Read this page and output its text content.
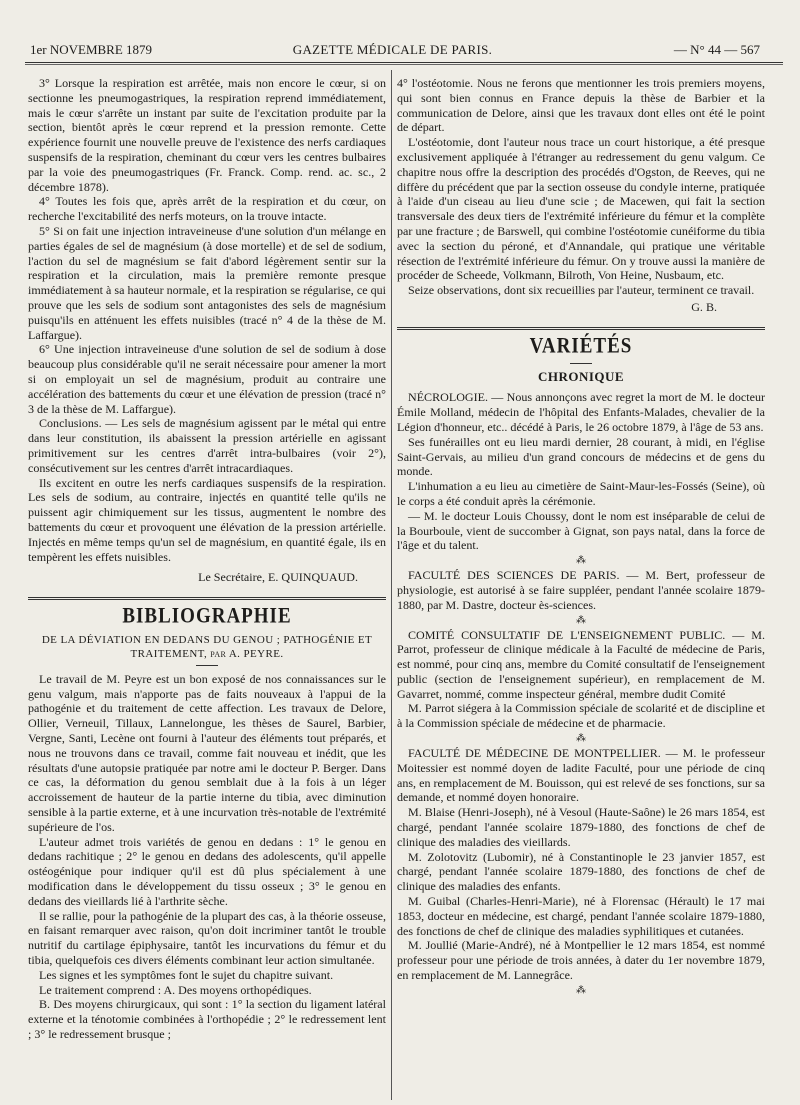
1er NOVEMBRE 1879	GAZETTE MÉDICALE DE PARIS.	— N° 44 — 567

3° Lorsque la respiration est arrêtée, mais non encore le cœur, si on sectionne les pneumogastriques, la respiration reprend immédiatement, mais le cœur s'arrête un instant par suite de l'excitation produite par la section, bientôt après le cœur reprend et la pression remonte. Cette expérience fournit une nouvelle preuve de l'existence des nerfs cardiaques suspensifs de la respiration, cheminant du cœur vers les centres bulbaires par la voie des pneumogastriques (Fr. Franck. Comp. rend. ac. sc., 2 décembre 1878).

4° Toutes les fois que, après arrêt de la respiration et du cœur, on recherche l'excitabilité des nerfs moteurs, on la trouve intacte.

5° Si on fait une injection intraveineuse d'une solution d'un mélange en parties égales de sel de magnésium (à dose mortelle) et de sel de sodium, l'action du sel de magnésium se fait d'abord légèrement sentir sur la respiration et la circulation, mais la première remonte presque immédiatement à sa hauteur normale, et la respiration se régularise, ce qui prouve que les sels de sodium sont antagonistes des sels de magnésium puisqu'ils en atténuent les effets nuisibles (tracé n° 4 de la thèse de M. Laffargue).

6° Une injection intraveineuse d'une solution de sel de sodium à dose beaucoup plus considérable qu'il ne serait nécessaire pour amener la mort si on employait un sel de magnésium, produit au contraire une accélération des battements du cœur et une élévation de pression (tracé n° 3 de la thèse de M. Laffargue).

Conclusions. — Les sels de magnésium agissent par le métal qui entre dans leur constitution, ils abaissent la pression artérielle en agissant primitivement sur les centres d'arrêt intra-bulbaires (voir 2°), consécutivement sur les centres d'arrêt intracardiaques.

Ils excitent en outre les nerfs cardiaques suspensifs de la respiration. Les sels de sodium, au contraire, injectés en quantité telle qu'ils ne puissent agir chimiquement sur les tissus, augmentent le nombre des battements du cœur et provoquent une élévation de la pression artérielle. Injectés en même temps qu'un sel de magnésium, en quantité égale, ils en tempèrent les effets nuisibles.

Le Secrétaire, E. QUINQUAUD.
BIBLIOGRAPHIE
DE LA DÉVIATION EN DEDANS DU GENOU ; PATHOGÉNIE ET TRAITEMENT, par A. PEYRE.

Le travail de M. Peyre est un bon exposé de nos connaissances sur le genu valgum, mais n'apporte pas de faits nouveaux à l'appui de la pathogénie et du traitement de cette affection. Les travaux de Delore, Ollier, Verneuil, Tillaux, Lannelongue, les thèses de Saurel, Barbier, Vergne, Santi, Lecène ont fourni à l'auteur des éléments tout préparés, et nous ne trouvons dans ce travail, comme fait nouveau et inédit, que les résultats d'une autopsie pratiquée par notre ami le docteur P. Berger. Dans ce cas, la déformation du genou semblait due à la fois à un léger accroissement de hauteur de la partie interne du tibia, avec diminution sensible à la partie externe, et à une incurvation très-notable de l'extrémité supérieure de l'os.

L'auteur admet trois variétés de genou en dedans : 1° le genou en dedans rachitique ; 2° le genou en dedans des adolescents, qu'il appelle ostéogénique pour indiquer qu'il est dû plus spécialement à une modification dans le développement du tissu osseux ; 3° le genou en dedans des vieillards lié à l'arthrite sèche.

Il se rallie, pour la pathogénie de la plupart des cas, à la théorie osseuse, en faisant remarquer avec raison, qu'on doit incriminer tantôt le trouble nutritif du cartilage épiphysaire, tantôt les incurvations du fémur et du tibia, quelquefois ces divers éléments combinant leur action simultanée.

Les signes et les symptômes font le sujet du chapitre suivant.

Le traitement comprend : A. Des moyens orthopédiques.

B. Des moyens chirurgicaux, qui sont : 1° la section du ligament latéral externe et la ténotomie combinées à l'orthopédie ; 2° le redressement lent ; 3° le redressement brusque ;

4° l'ostéotomie. Nous ne ferons que mentionner les trois premiers moyens, qui sont bien connus en France depuis la thèse de Barbier et la communication de Delore, ainsi que les travaux dont elles ont été le point de départ.

L'ostéotomie, dont l'auteur nous trace un court historique, a été presque exclusivement appliquée à l'étranger au redressement du genu valgum. Ce chapitre nous offre la description des procédés d'Ogston, de Reeves, qui ne diffère du précédent que par la section osseuse du condyle interne, pratiquée à l'aide d'un ciseau au lieu d'une scie ; de Macewen, qui fait la section transversale des deux tiers de l'extrémité inférieure du fémur et la complète par une fracture ; de Barswell, qui combine l'ostéotomie cunéiforme du tibia avec la section du péroné, et d'Annandale, qui pratique une véritable résection de l'extrémité inférieure du fémur. On y trouve aussi la manière de procéder de Scheede, Volkmann, Bilroth, Von Heine, Nusbaum, etc.

Seize observations, dont six recueillies par l'auteur, terminent ce travail.

G. B.
VARIÉTÉS
CHRONIQUE

NÉCROLOGIE. — Nous annonçons avec regret la mort de M. le docteur Émile Molland, médecin de l'hôpital des Enfants-Malades, chevalier de la Légion d'honneur, etc.. décédé à Paris, le 26 octobre 1879, à l'âge de 53 ans.

Ses funérailles ont eu lieu mardi dernier, 28 courant, à midi, en l'église Saint-Gervais, au milieu d'un grand concours de médecins et de gens du monde.

L'inhumation a eu lieu au cimetière de Saint-Maur-les-Fossés (Seine), où le corps a été conduit après la cérémonie.

— M. le docteur Louis Choussy, dont le nom est inséparable de celui de la Bourboule, vient de succomber à Gignat, son pays natal, dans la force de l'âge et du talent.

⁂

FACULTÉ DES SCIENCES DE PARIS. — M. Bert, professeur de physiologie, est autorisé à se faire suppléer, pendant l'année scolaire 1879-1880, par M. Dastre, docteur ès-sciences.

⁂

COMITÉ CONSULTATIF DE L'ENSEIGNEMENT PUBLIC. — M. Parrot, professeur de clinique médicale à la Faculté de médecine de Paris, est nommé, pour cinq ans, membre du Comité consultatif de l'enseignement public (section de l'enseignement supérieur), en remplacement de M. Gavarret, nommé, comme inspecteur général, membre dudit Comité

M. Parrot siégera à la Commission spéciale de scolarité et de discipline et à la Commission spéciale de médecine et de pharmacie.

⁂

FACULTÉ DE MÉDECINE DE MONTPELLIER. — M. le professeur Moitessier est nommé doyen de ladite Faculté, pour une période de cinq ans, en remplacement de M. Bouisson, qui est relevé de ses fonctions, sur sa demande, et nommé doyen honoraire.

M. Blaise (Henri-Joseph), né à Vesoul (Haute-Saône) le 26 mars 1854, est chargé, pendant l'année scolaire 1879-1880, des fonctions de chef de clinique des maladies des vieillards.

M. Zolotovitz (Lubomir), né à Constantinople le 23 janvier 1857, est chargé, pendant l'année scolaire 1879-1880, des fonctions de chef de clinique des maladies des enfants.

M. Guibal (Charles-Henri-Marie), né à Florensac (Hérault) le 17 mai 1853, docteur en médecine, est chargé, pendant l'année scolaire 1879-1880, des fonctions de chef de clinique des maladies syphilitiques et cutanées.

M. Joullié (Marie-André), né à Montpellier le 12 mars 1854, est nommé professeur pour une période de trois années, à dater du 1er novembre 1879, en remplacement de M. Lannegrâce.

⁂
